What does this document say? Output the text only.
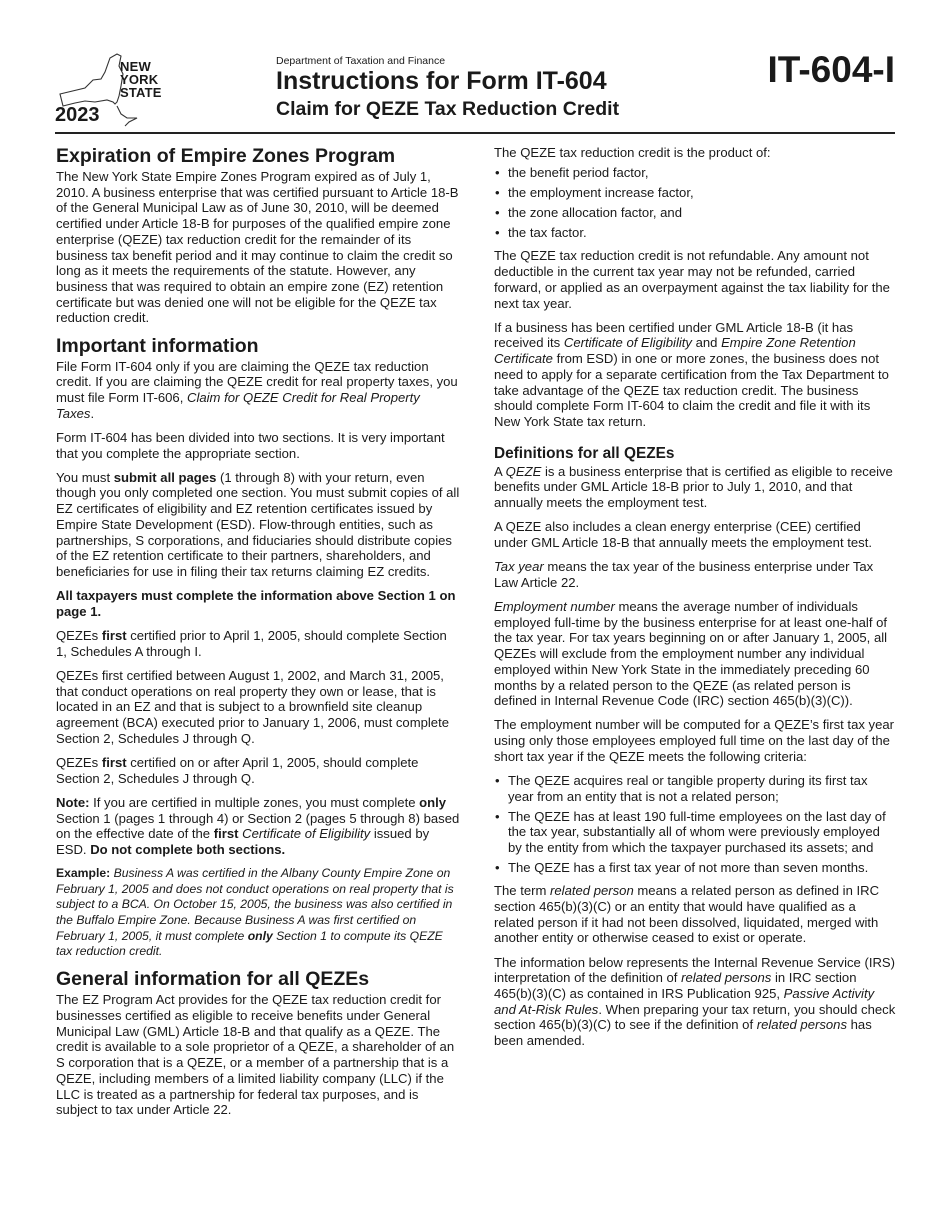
NEW
YORK
STATE
2023
Department of Taxation and Finance
Instructions for Form IT-604
Claim for QEZE Tax Reduction Credit
IT-604-I
Expiration of Empire Zones Program

The New York State Empire Zones Program expired as of July 1, 2010. A business enterprise that was certified pursuant to Article 18-B of the General Municipal Law as of June 30, 2010, will be deemed certified under Article 18-B for purposes of the qualified empire zone enterprise (QEZE) tax reduction credit for the remainder of its business tax benefit period and it may continue to claim the credit so long as it meets the requirements of the statute. However, any business that was required to obtain an empire zone (EZ) retention certificate but was denied one will not be eligible for the QEZE tax reduction credit.

Important information

File Form IT-604 only if you are claiming the QEZE tax reduction credit. If you are claiming the QEZE credit for real property taxes, you must file Form IT-606, Claim for QEZE Credit for Real Property Taxes.

Form IT-604 has been divided into two sections. It is very important that you complete the appropriate section.

You must submit all pages (1 through 8) with your return, even though you only completed one section. You must submit copies of all EZ certificates of eligibility and EZ retention certificates issued by Empire State Development (ESD). Flow-through entities, such as partnerships, S corporations, and fiduciaries should distribute copies of the EZ retention certificate to their partners, shareholders, and beneficiaries for use in filing their tax returns claiming EZ credits.

All taxpayers must complete the information above Section 1 on page 1.

QEZEs first certified prior to April 1, 2005, should complete Section 1, Schedules A through I.

QEZEs first certified between August 1, 2002, and March 31, 2005, that conduct operations on real property they own or lease, that is located in an EZ and that is subject to a brownfield site cleanup agreement (BCA) executed prior to January 1, 2006, must complete Section 2, Schedules J through Q.

QEZEs first certified on or after April 1, 2005, should complete Section 2, Schedules J through Q.

Note: If you are certified in multiple zones, you must complete only Section 1 (pages 1 through 4) or Section 2 (pages 5 through 8) based on the effective date of the first Certificate of Eligibility issued by ESD. Do not complete both sections.

Example: Business A was certified in the Albany County Empire Zone on February 1, 2005 and does not conduct operations on real property that is subject to a BCA. On October 15, 2005, the business was also certified in the Buffalo Empire Zone. Because Business A was first certified on February 1, 2005, it must complete only Section 1 to compute its QEZE tax reduction credit.

General information for all QEZEs

The EZ Program Act provides for the QEZE tax reduction credit for businesses certified as eligible to receive benefits under General Municipal Law (GML) Article 18-B and that qualify as a QEZE. The credit is available to a sole proprietor of a QEZE, a shareholder of an S corporation that is a QEZE, or a member of a partnership that is a QEZE, including members of a limited liability company (LLC) if the LLC is treated as a partnership for federal tax purposes, and is subject to tax under Article 22.

The QEZE tax reduction credit is the product of:

• the benefit period factor,
• the employment increase factor,
• the zone allocation factor, and
• the tax factor.

The QEZE tax reduction credit is not refundable. Any amount not deductible in the current tax year may not be refunded, carried forward, or applied as an overpayment against the tax liability for the next tax year.

If a business has been certified under GML Article 18-B (it has received its Certificate of Eligibility and Empire Zone Retention Certificate from ESD) in one or more zones, the business does not need to apply for a separate certification from the Tax Department to take advantage of the QEZE tax reduction credit. The business should complete Form IT-604 to claim the credit and file it with its New York State tax return.

Definitions for all QEZEs

A QEZE is a business enterprise that is certified as eligible to receive benefits under GML Article 18-B prior to July 1, 2010, and that annually meets the employment test.

A QEZE also includes a clean energy enterprise (CEE) certified under GML Article 18-B that annually meets the employment test.

Tax year means the tax year of the business enterprise under Tax Law Article 22.

Employment number means the average number of individuals employed full-time by the business enterprise for at least one-half of the tax year. For tax years beginning on or after January 1, 2005, all QEZEs will exclude from the employment number any individual employed within New York State in the immediately preceding 60 months by a related person to the QEZE (as related person is defined in Internal Revenue Code (IRC) section 465(b)(3)(C)).

The employment number will be computed for a QEZE’s first tax year using only those employees employed full time on the last day of the short tax year if the QEZE meets the following criteria:

• The QEZE acquires real or tangible property during its first tax year from an entity that is not a related person;
• The QEZE has at least 190 full-time employees on the last day of the tax year, substantially all of whom were previously employed by the entity from which the taxpayer purchased its assets; and
• The QEZE has a first tax year of not more than seven months.

The term related person means a related person as defined in IRC section 465(b)(3)(C) or an entity that would have qualified as a related person if it had not been dissolved, liquidated, merged with another entity or otherwise ceased to exist or operate.

The information below represents the Internal Revenue Service (IRS) interpretation of the definition of related persons in IRC section 465(b)(3)(C) as contained in IRS Publication 925, Passive Activity and At-Risk Rules. When preparing your tax return, you should check section 465(b)(3)(C) to see if the definition of related persons has been amended.
